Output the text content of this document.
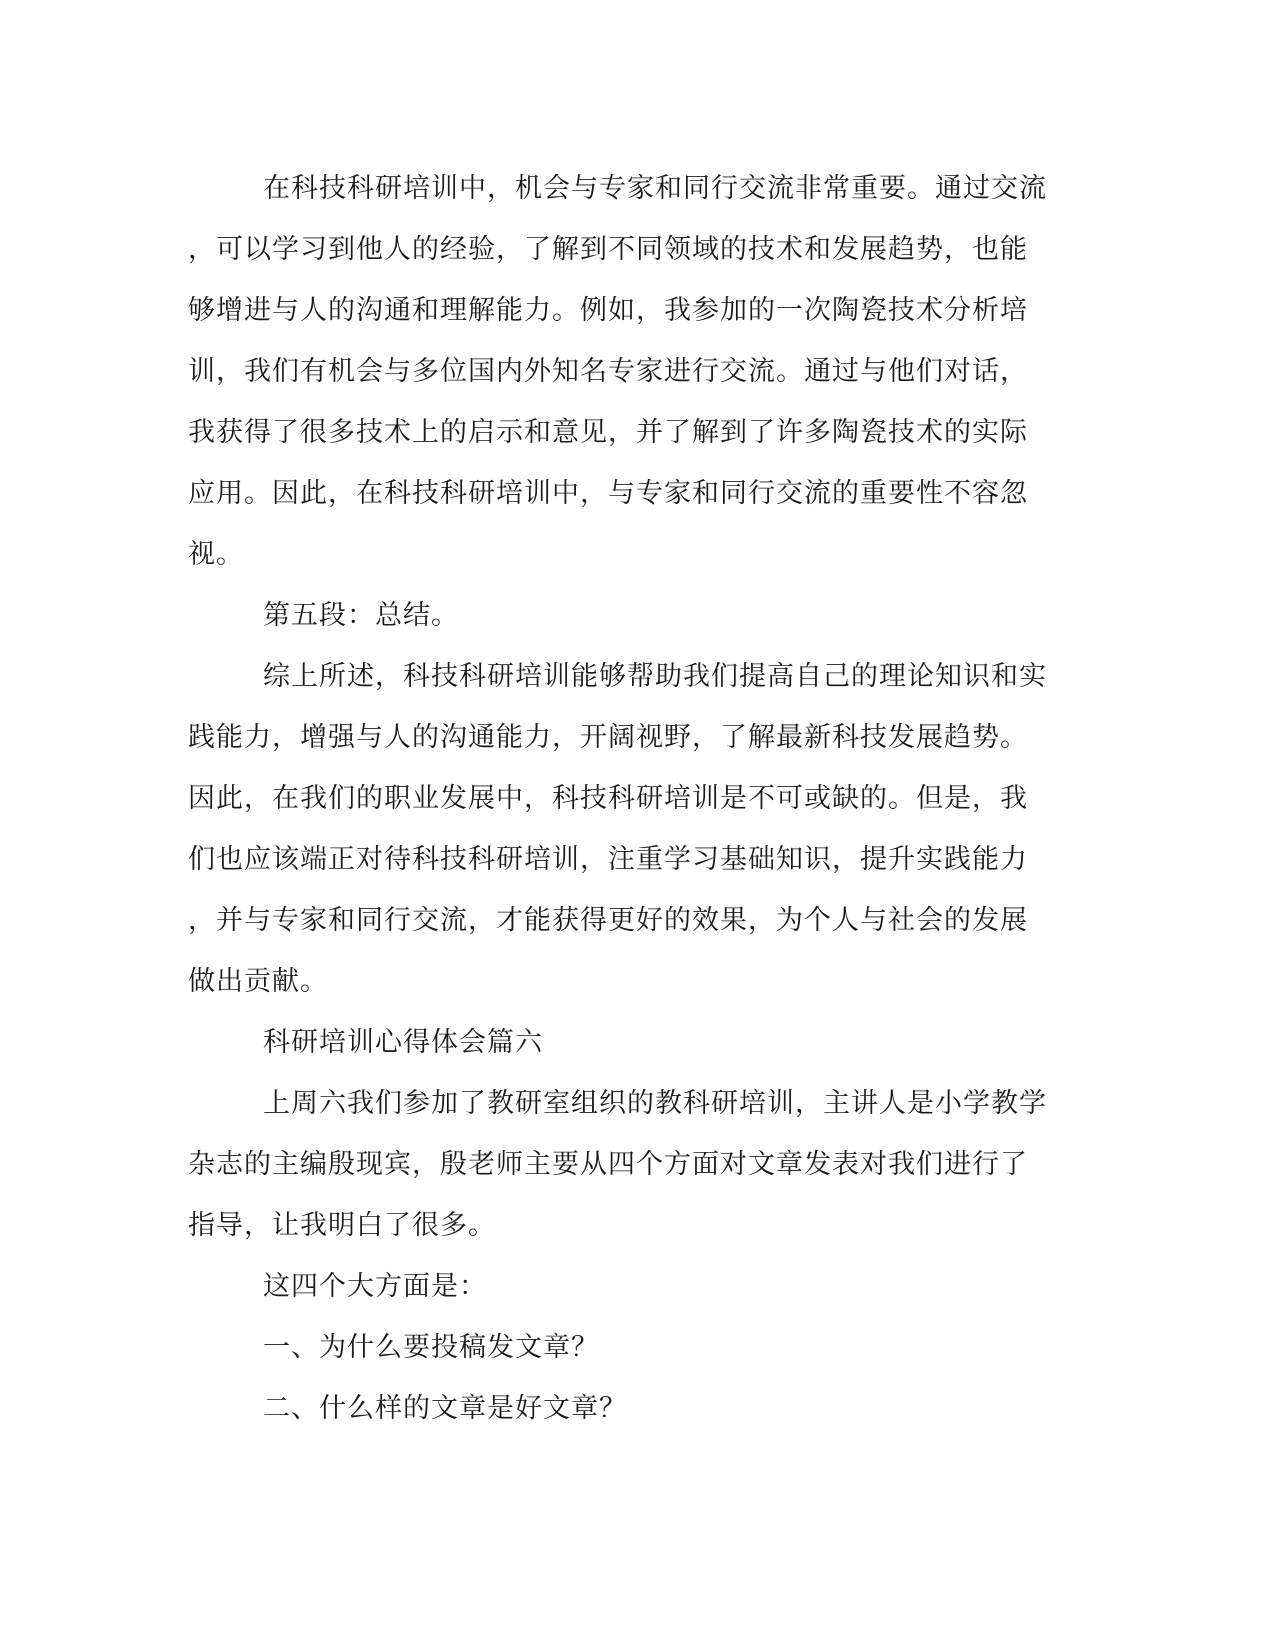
在科技科研培训中，机会与专家和同行交流非常重要。通过交流
，可以学习到他人的经验，了解到不同领域的技术和发展趋势，也能
够增进与人的沟通和理解能力。例如，我参加的一次陶瓷技术分析培
训，我们有机会与多位国内外知名专家进行交流。通过与他们对话，
我获得了很多技术上的启示和意见，并了解到了许多陶瓷技术的实际
应用。因此，在科技科研培训中，与专家和同行交流的重要性不容忽
视。
第五段：总结。
综上所述，科技科研培训能够帮助我们提高自己的理论知识和实
践能力，增强与人的沟通能力，开阔视野，了解最新科技发展趋势。
因此，在我们的职业发展中，科技科研培训是不可或缺的。但是，我
们也应该端正对待科技科研培训，注重学习基础知识，提升实践能力
，并与专家和同行交流，才能获得更好的效果，为个人与社会的发展
做出贡献。
科研培训心得体会篇六
上周六我们参加了教研室组织的教科研培训，主讲人是小学教学
杂志的主编殷现宾，殷老师主要从四个方面对文章发表对我们进行了
指导，让我明白了很多。
这四个大方面是：
一、为什么要投稿发文章？
二、什么样的文章是好文章？
